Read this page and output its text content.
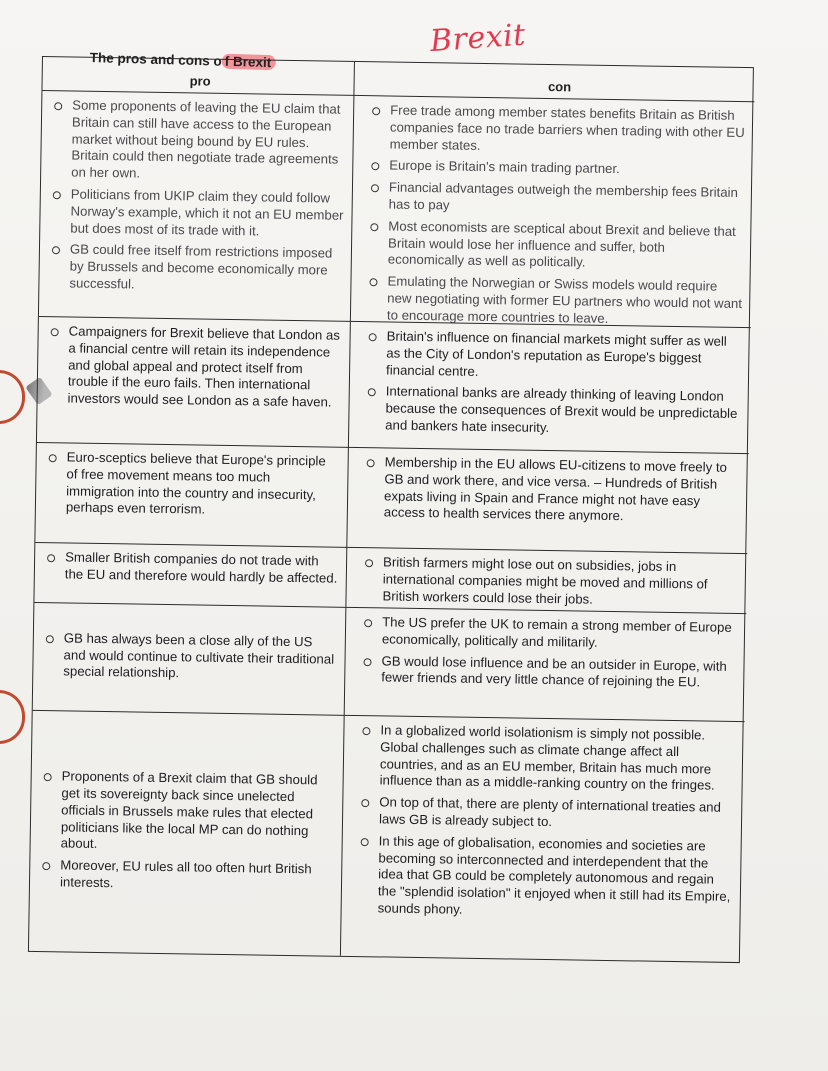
Brexit
The pros and cons o f Brexit
pro	con
Some proponents of leaving the EU claim that Britain can still have access to the European market without being bound by EU rules. Britain could then negotiate trade agreements on her own.
Politicians from UKIP claim they could follow Norway's example, which it not an EU member but does most of its trade with it.
GB could free itself from restrictions imposed by Brussels and become economically more successful.
Free trade among member states benefits Britain as British companies face no trade barriers when trading with other EU member states.
Europe is Britain's main trading partner.
Financial advantages outweigh the membership fees Britain has to pay
Most economists are sceptical about Brexit and believe that Britain would lose her influence and suffer, both economically as well as politically.
Emulating the Norwegian or Swiss models would require new negotiating with former EU partners who would not want to encourage more countries to leave.
Campaigners for Brexit believe that London as a financial centre will retain its independence and global appeal and protect itself from trouble if the euro fails. Then international investors would see London as a safe haven.
Britain's influence on financial markets might suffer as well as the City of London's reputation as Europe's biggest financial centre.
International banks are already thinking of leaving London because the consequences of Brexit would be unpredictable and bankers hate insecurity.
Euro-sceptics believe that Europe's principle of free movement means too much immigration into the country and insecurity, perhaps even terrorism.
Membership in the EU allows EU-citizens to move freely to GB and work there, and vice versa. – Hundreds of British expats living in Spain and France might not have easy access to health services there anymore.
Smaller British companies do not trade with the EU and therefore would hardly be affected.
British farmers might lose out on subsidies, jobs in international companies might be moved and millions of British workers could lose their jobs.
GB has always been a close ally of the US and would continue to cultivate their traditional special relationship.
The US prefer the UK to remain a strong member of Europe economically, politically and militarily.
GB would lose influence and be an outsider in Europe, with fewer friends and very little chance of rejoining the EU.
Proponents of a Brexit claim that GB should get its sovereignty back since unelected officials in Brussels make rules that elected politicians like the local MP can do nothing about.
Moreover, EU rules all too often hurt British interests.
In a globalized world isolationism is simply not possible. Global challenges such as climate change affect all countries, and as an EU member, Britain has much more influence than as a middle-ranking country on the fringes.
On top of that, there are plenty of international treaties and laws GB is already subject to.
In this age of globalisation, economies and societies are becoming so interconnected and interdependent that the idea that GB could be completely autonomous and regain the "splendid isolation" it enjoyed when it still had its Empire, sounds phony.
